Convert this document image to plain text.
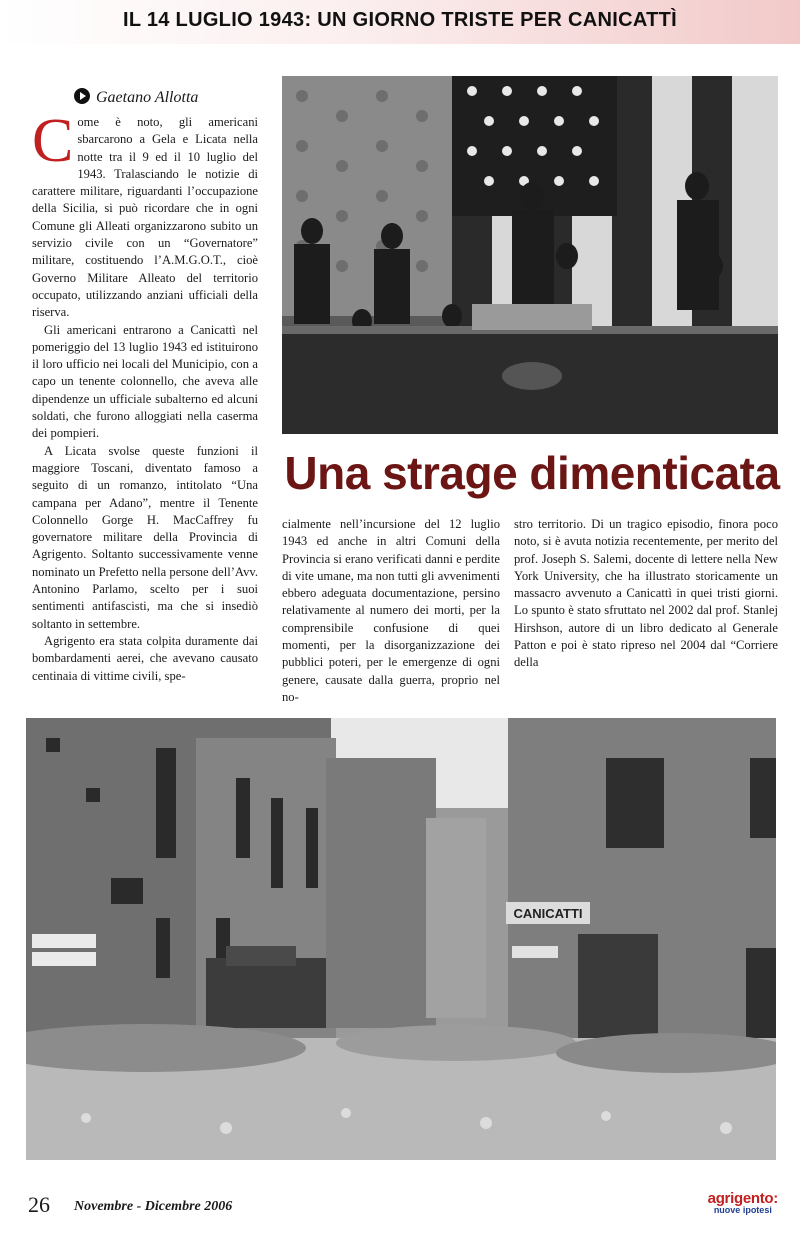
IL 14 LUGLIO 1943: UN GIORNO TRISTE PER CANICATTÌ
Gaetano Allotta

Come è noto, gli americani sbarcarono a Gela e Licata nella notte tra il 9 ed il 10 luglio del 1943. Tralasciando le notizie di carattere militare, riguardanti l’occupazione della Sicilia, si può ricordare che in ogni Comune gli Alleati organizzarono subito un servizio civile con un “Governatore” militare, costituendo l’A.M.G.O.T., cioè Governo Militare Alleato del territorio occupato, utilizzando anziani ufficiali della riserva.

Gli americani entrarono a Canicattì nel pomeriggio del 13 luglio 1943 ed istituirono il loro ufficio nei locali del Municipio, con a capo un tenente colonnello, che aveva alle dipendenze un ufficiale subalterno ed alcuni soldati, che furono alloggiati nella caserma dei pompieri.

A Licata svolse queste funzioni il maggiore Toscani, diventato famoso a seguito di un romanzo, intitolato “Una campana per Adano”, mentre il Tenente Colonnello Gorge H. MacCaffrey fu governatore militare della Provincia di Agrigento. Soltanto successivamente venne nominato un Prefetto nella persone dell’Avv. Antonino Parlamo, scelto per i suoi sentimenti antifascisti, ma che si insediò soltanto in settembre.

Agrigento era stata colpita duramente dai bombardamenti aerei, che avevano causato centinaia di vittime civili, spe-

Una strage dimenticata

cialmente nell’incursione del 12 luglio 1943 ed anche in altri Comuni della Provincia si erano verificati danni e perdite di vite umane, ma non tutti gli avvenimenti ebbero adeguata documentazione, persino relativamente al numero dei morti, per la comprensibile confusione di quei momenti, per la disorganizzazione dei pubblici poteri, per le emergenze di ogni genere, causate dalla guerra, proprio nel no-

stro territorio. Di un tragico episodio, finora poco noto, si è avuta notizia recentemente, per merito del prof. Joseph S. Salemi, docente di lettere nella New York University, che ha illustrato storicamente un massacro avvenuto a Canicattì in quei tristi giorni. Lo spunto è stato sfruttato nel 2002 dal prof. Stanlej Hirshson, autore di un libro dedicato al Generale Patton e poi è stato ripreso nel 2004 dal “Corriere della

CANICATTI
26 Novembre - Dicembre 2006	agrigento:
nuove ipotesi
